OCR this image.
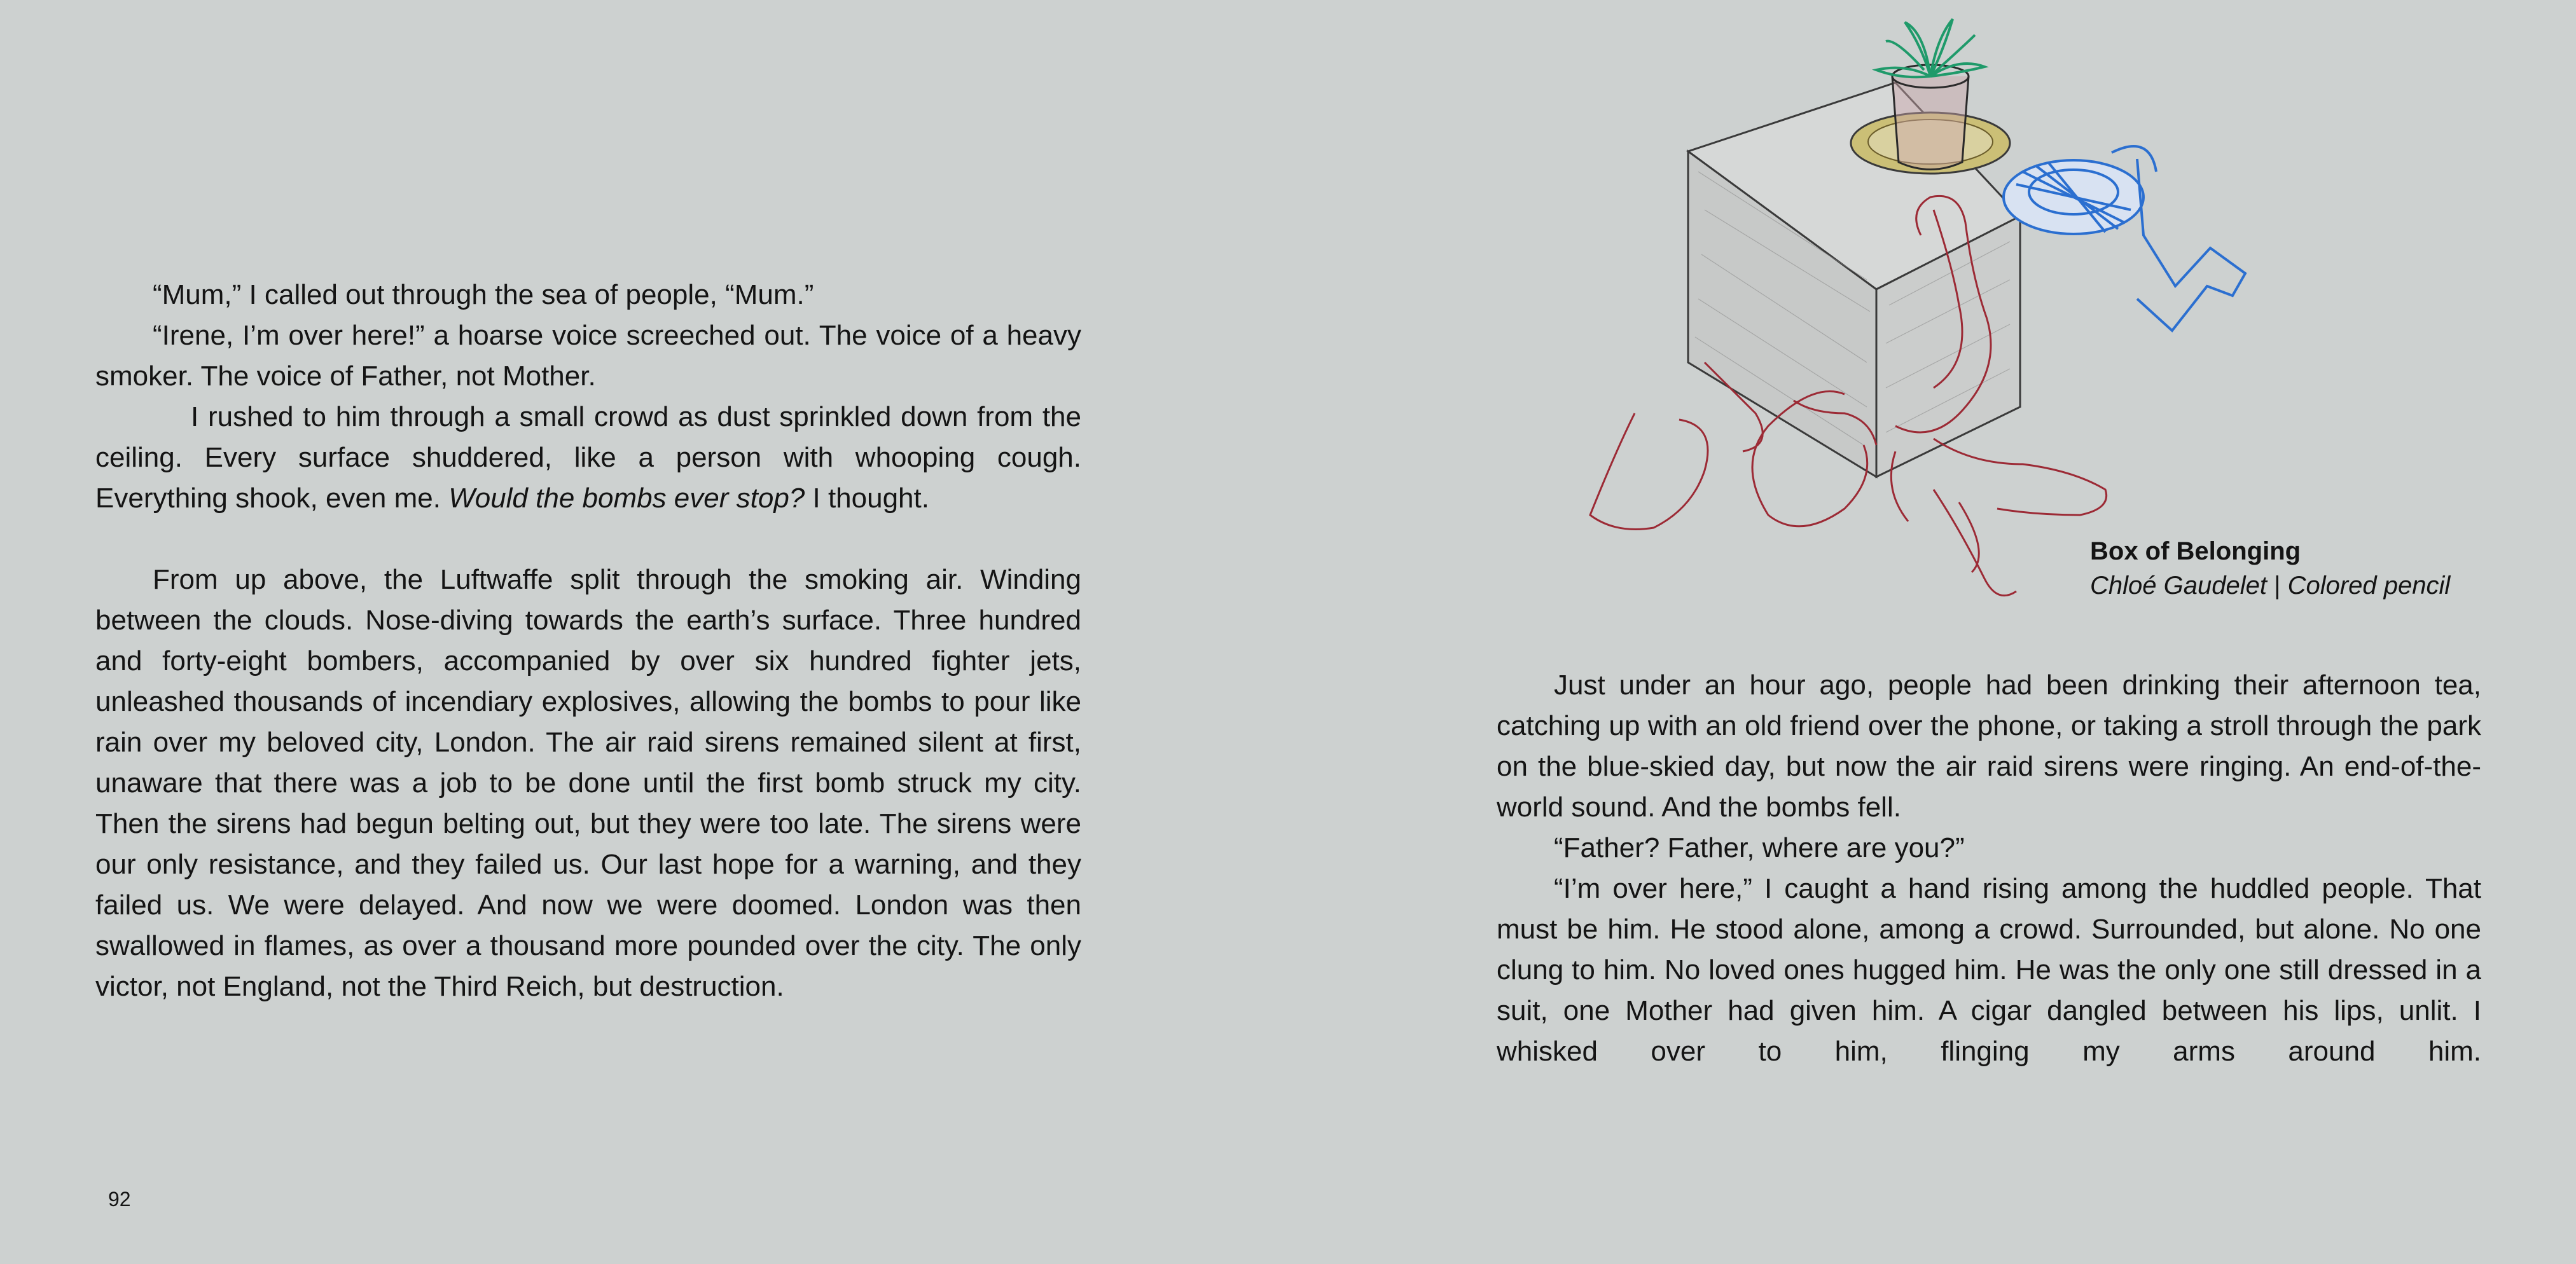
“Mum,” I called out through the sea of people, “Mum.”

“Irene, I’m over here!” a hoarse voice screeched out. The voice of a heavy smoker. The voice of Father, not Mother.

I rushed to him through a small crowd as dust sprinkled down from the ceiling. Every surface shuddered, like a person with whooping cough. Everything shook, even me. Would the bombs ever stop? I thought.

From up above, the Luftwaffe split through the smoking air. Winding between the clouds. Nose-diving towards the earth’s surface. Three hundred and forty-eight bombers, accompanied by over six hundred fighter jets, unleashed thousands of incendiary explosives, allowing the bombs to pour like rain over my beloved city, London. The air raid sirens remained silent at first, unaware that there was a job to be done until the first bomb struck my city. Then the sirens had begun belting out, but they were too late. The sirens were our only resistance, and they failed us. Our last hope for a warning, and they failed us. We were delayed. And now we were doomed. London was then swallowed in flames, as over a thousand more pounded over the city. The only victor, not England, not the Third Reich, but destruction.

92
Box of Belonging
Chloé Gaudelet | Colored pencil

Just under an hour ago, people had been drinking their afternoon tea, catching up with an old friend over the phone, or taking a stroll through the park on the blue-skied day, but now the air raid sirens were ringing. An end-of-the-world sound. And the bombs fell.

“Father? Father, where are you?”

“I’m over here,” I caught a hand rising among the huddled people. That must be him. He stood alone, among a crowd. Surrounded, but alone. No one clung to him. No loved ones hugged him. He was the only one still dressed in a suit, one Mother had given him. A cigar dangled between his lips, unlit. I whisked over to him, flinging my arms around him.
